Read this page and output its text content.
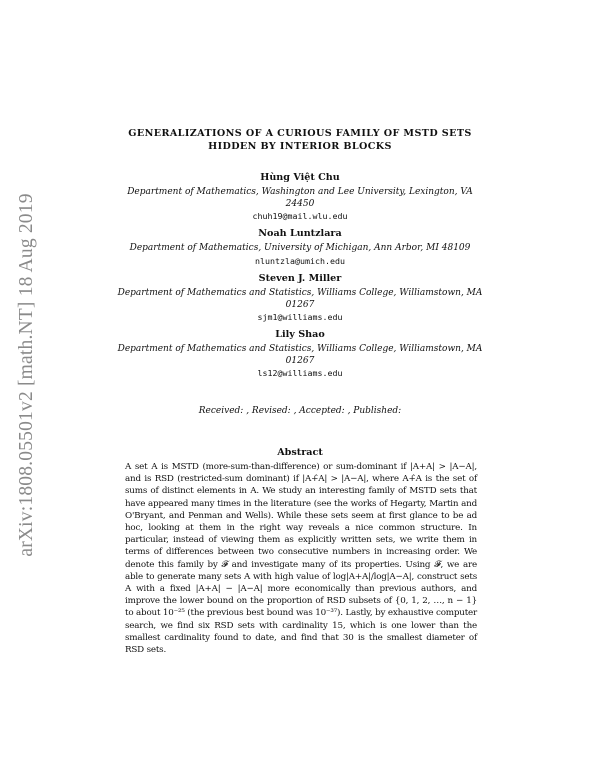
arXiv:1808.05501v2 [math.NT] 18 Aug 2019
GENERALIZATIONS OF A CURIOUS FAMILY OF MSTD SETS
HIDDEN BY INTERIOR BLOCKS
Hùng Việt Chu
Department of Mathematics, Washington and Lee University, Lexington, VA
24450
chuh19@mail.wlu.edu
Noah Luntzlara
Department of Mathematics, University of Michigan, Ann Arbor, MI 48109
nluntzla@umich.edu
Steven J. Miller
Department of Mathematics and Statistics, Williams College, Williamstown, MA
01267
sjm1@williams.edu
Lily Shao
Department of Mathematics and Statistics, Williams College, Williamstown, MA
01267
ls12@williams.edu
Received: , Revised: , Accepted: , Published:
Abstract
A set A is MSTD (more-sum-than-difference) or sum-dominant if |A+A| > |A−A|, and is RSD (restricted-sum dominant) if |A+̂A| > |A−A|, where A+̂A is the set of sums of distinct elements in A. We study an interesting family of MSTD sets that have appeared many times in the literature (see the works of Hegarty, Martin and O'Bryant, and Penman and Wells). While these sets seem at first glance to be ad hoc, looking at them in the right way reveals a nice common structure. In particular, instead of viewing them as explicitly written sets, we write them in terms of differences between two consecutive numbers in increasing order. We denote this family by 𝓕 and investigate many of its properties. Using 𝓕, we are able to generate many sets A with high value of log|A+A|/log|A−A|, construct sets A with a fixed |A+A| − |A−A| more economically than previous authors, and improve the lower bound on the proportion of RSD subsets of {0, 1, 2, …, n − 1} to about 10⁻²⁵ (the previous best bound was 10⁻³⁷). Lastly, by exhaustive computer search, we find six RSD sets with cardinality 15, which is one lower than the smallest cardinality found to date, and find that 30 is the smallest diameter of RSD sets.
